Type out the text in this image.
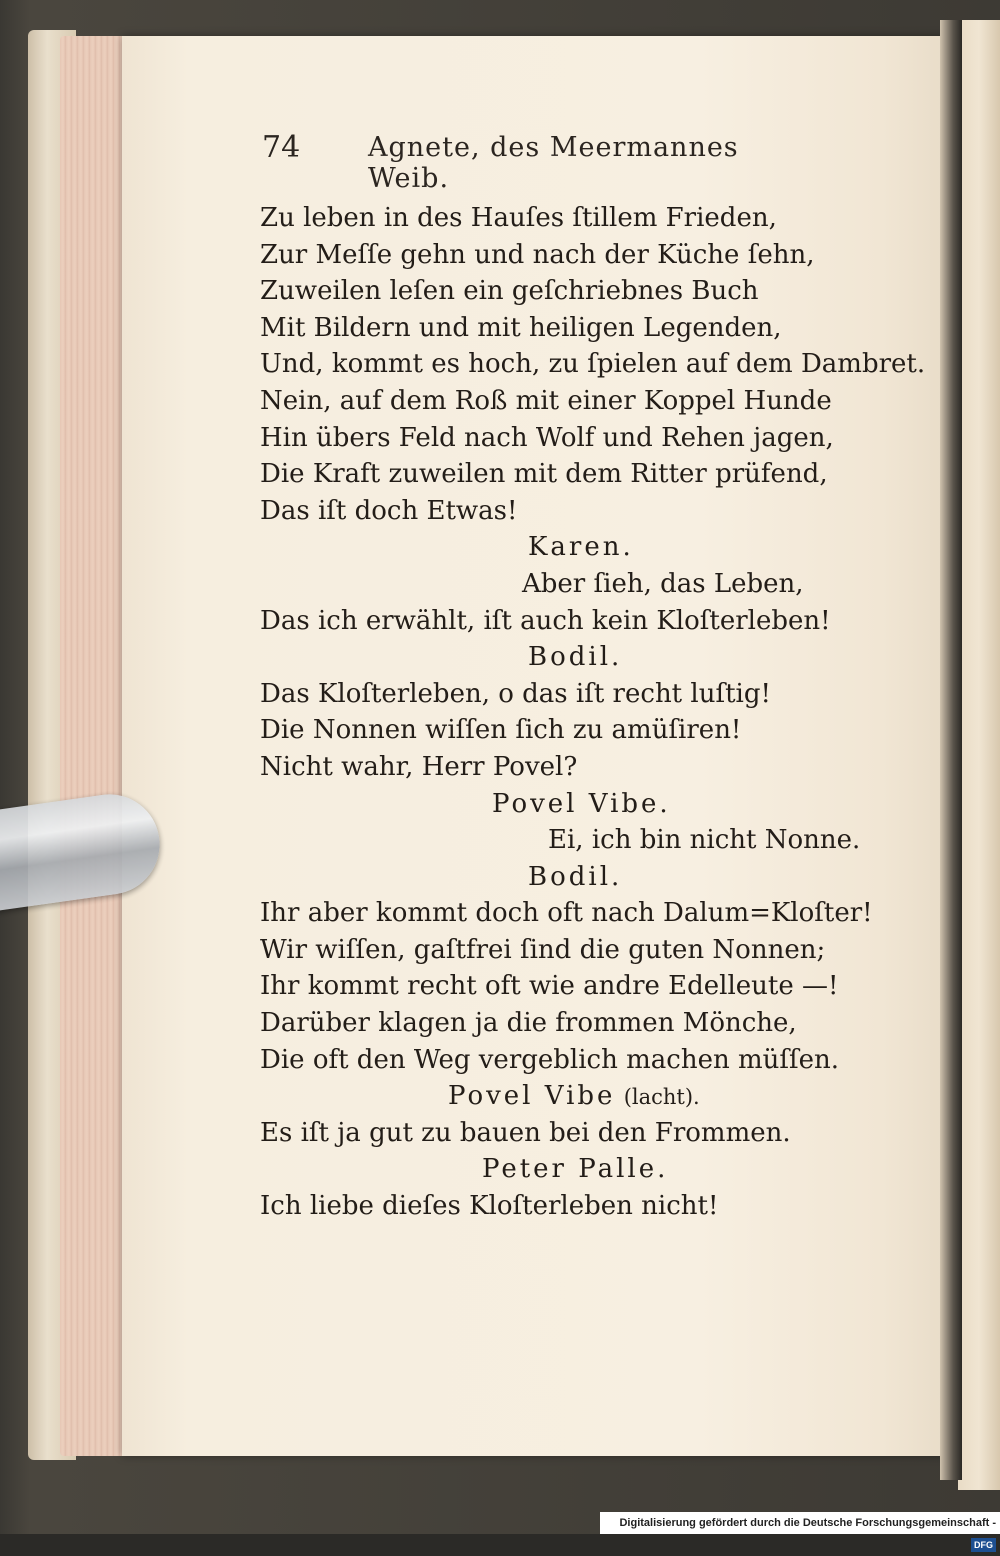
74	Agnete, des Meermannes Weib.
Zu leben in des Hauſes ſtillem Frieden,
Zur Meſſe gehn und nach der Küche ſehn,
Zuweilen leſen ein geſchriebnes Buch
Mit Bildern und mit heiligen Legenden,
Und, kommt es hoch, zu ſpielen auf dem Dambret.
Nein, auf dem Roß mit einer Koppel Hunde
Hin übers Feld nach Wolf und Rehen jagen,
Die Kraft zuweilen mit dem Ritter prüfend,
Das iſt doch Etwas!
Karen.
Aber ſieh, das Leben,
Das ich erwählt, iſt auch kein Kloſterleben!
Bodil.
Das Kloſterleben, o das iſt recht luſtig!
Die Nonnen wiſſen ſich zu amüſiren!
Nicht wahr, Herr Povel?
Povel Vibe.
Ei, ich bin nicht Nonne.
Bodil.
Ihr aber kommt doch oft nach Dalum=Kloſter!
Wir wiſſen, gaſtfrei ſind die guten Nonnen;
Ihr kommt recht oft wie andre Edelleute —!
Darüber klagen ja die frommen Mönche,
Die oft den Weg vergeblich machen müſſen.
Povel Vibe (lacht).
Es iſt ja gut zu bauen bei den Frommen.
Peter Palle.
Ich liebe dieſes Kloſterleben nicht!
Digitalisierung gefördert durch die Deutsche Forschungsgemeinschaft -DFG
